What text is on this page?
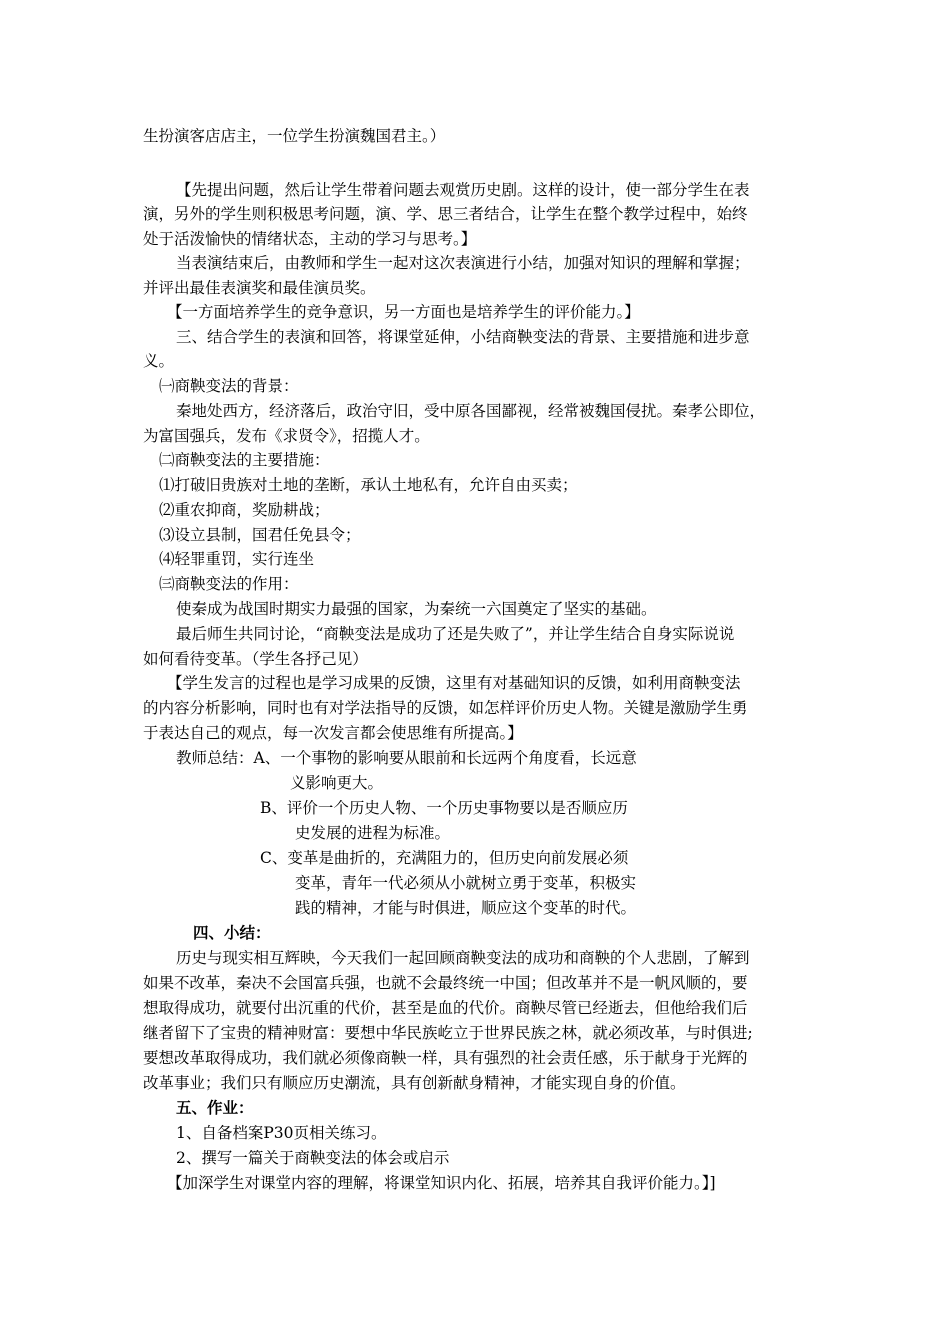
生扮演客店店主，一位学生扮演魏国君主。）
【先提出问题，然后让学生带着问题去观赏历史剧。这样的设计，使一部分学生在表
演，另外的学生则积极思考问题，演、学、思三者结合，让学生在整个教学过程中，始终
处于活泼愉快的情绪状态，主动的学习与思考。】
当表演结束后，由教师和学生一起对这次表演进行小结，加强对知识的理解和掌握；
并评出最佳表演奖和最佳演员奖。
【一方面培养学生的竞争意识，另一方面也是培养学生的评价能力。】
三、结合学生的表演和回答，将课堂延伸，小结商鞅变法的背景、主要措施和进步意
义。
㈠商鞅变法的背景：
秦地处西方，经济落后，政治守旧，受中原各国鄙视，经常被魏国侵扰。秦孝公即位，
为富国强兵，发布《求贤令》，招揽人才。
㈡商鞅变法的主要措施：
⑴打破旧贵族对土地的垄断，承认土地私有，允许自由买卖；
⑵重农抑商，奖励耕战；
⑶设立县制，国君任免县令；
⑷轻罪重罚，实行连坐
㈢商鞅变法的作用：
使秦成为战国时期实力最强的国家，为秦统一六国奠定了坚实的基础。
最后师生共同讨论，“商鞅变法是成功了还是失败了”，并让学生结合自身实际说说
如何看待变革。（学生各抒己见）
【学生发言的过程也是学习成果的反馈，这里有对基础知识的反馈，如利用商鞅变法
的内容分析影响，同时也有对学法指导的反馈，如怎样评价历史人物。关键是激励学生勇
于表达自己的观点，每一次发言都会使思维有所提高。】
教师总结：A、一个事物的影响要从眼前和长远两个角度看，长远意
义影响更大。
B、评价一个历史人物、一个历史事物要以是否顺应历
史发展的进程为标准。
C、变革是曲折的，充满阻力的，但历史向前发展必须
变革，青年一代必须从小就树立勇于变革，积极实
践的精神，才能与时俱进，顺应这个变革的时代。
四、小结：
历史与现实相互辉映，今天我们一起回顾商鞅变法的成功和商鞅的个人悲剧，了解到
如果不改革，秦决不会国富兵强，也就不会最终统一中国；但改革并不是一帆风顺的，要
想取得成功，就要付出沉重的代价，甚至是血的代价。商鞅尽管已经逝去，但他给我们后
继者留下了宝贵的精神财富：要想中华民族屹立于世界民族之林，就必须改革，与时俱进;
要想改革取得成功，我们就必须像商鞅一样，具有强烈的社会责任感，乐于献身于光辉的
改革事业；我们只有顺应历史潮流，具有创新献身精神，才能实现自身的价值。
五、作业：
1、自备档案P30页相关练习。
2、撰写一篇关于商鞅变法的体会或启示
【加深学生对课堂内容的理解，将课堂知识内化、拓展，培养其自我评价能力。】]
